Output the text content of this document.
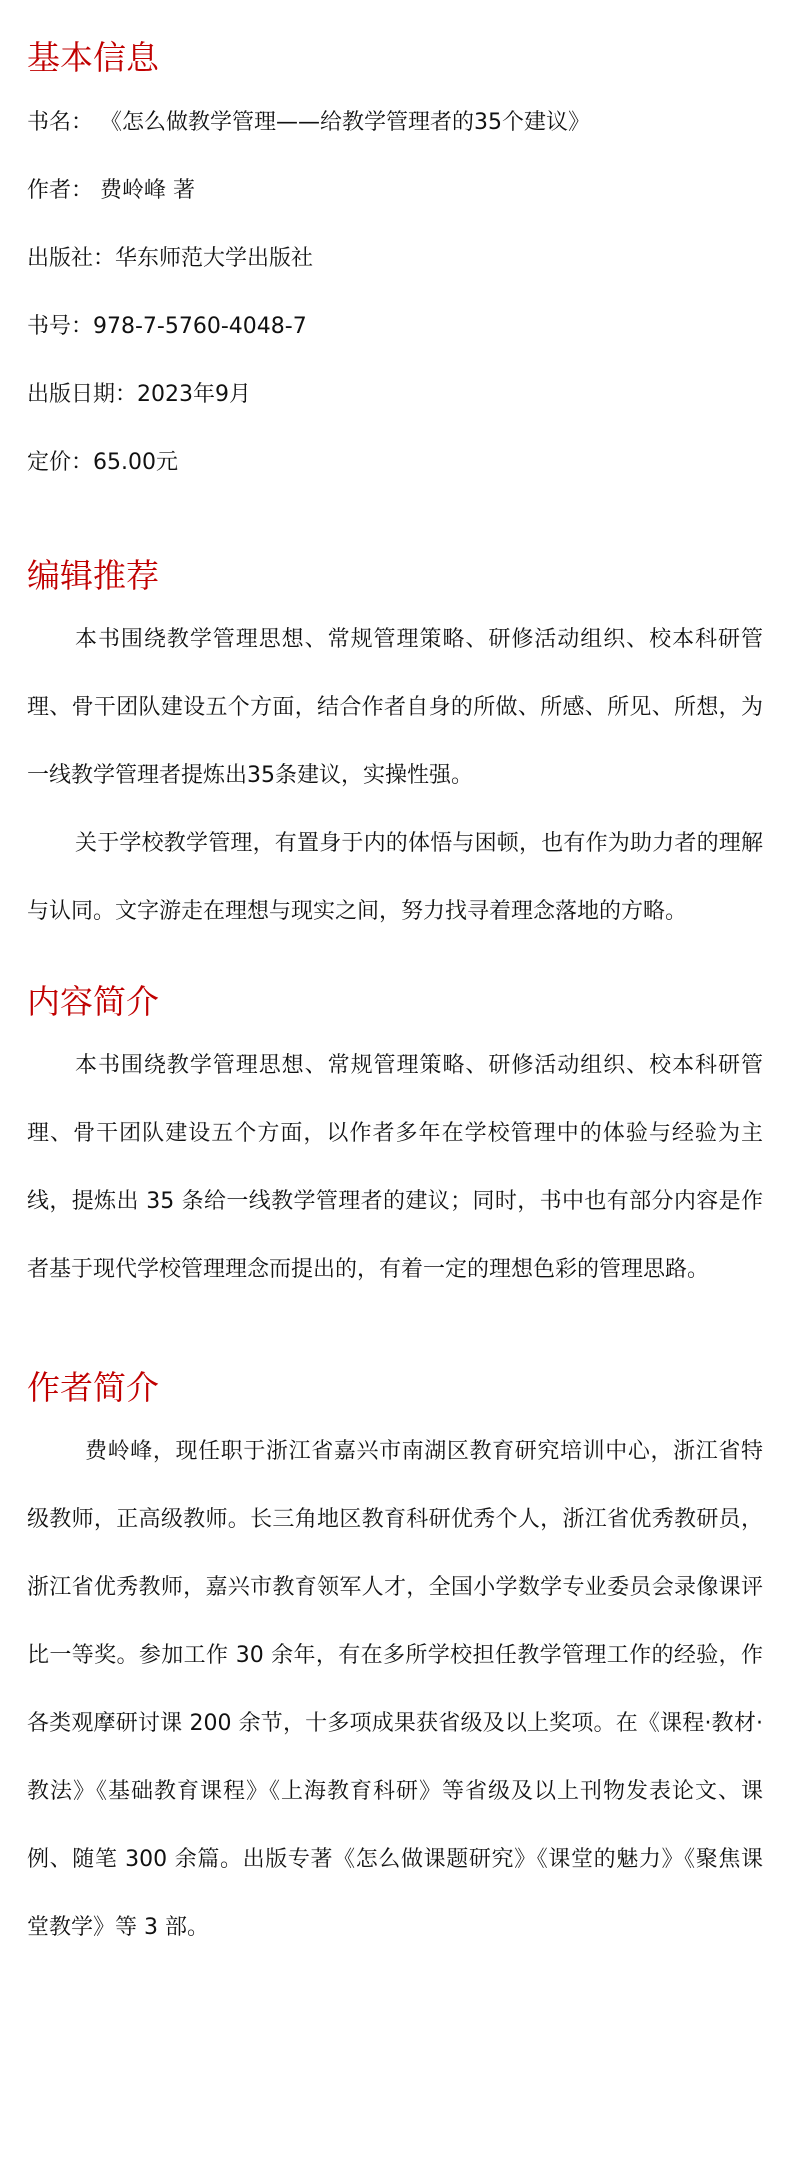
基本信息

书名： 《怎么做教学管理——给教学管理者的35个建议》

作者： 费岭峰 著

出版社：华东师范大学出版社

书号：978-7-5760-4048-7

出版日期：2023年9月

定价：65.00元

编辑推荐

本书围绕教学管理思想、常规管理策略、研修活动组织、校本科研管理、骨干团队建设五个方面，结合作者自身的所做、所感、所见、所想，为一线教学管理者提炼出35条建议，实操性强。

关于学校教学管理，有置身于内的体悟与困顿，也有作为助力者的理解与认同。文字游走在理想与现实之间，努力找寻着理念落地的方略。

内容简介

本书围绕教学管理思想、常规管理策略、研修活动组织、校本科研管理、骨干团队建设五个方面，以作者多年在学校管理中的体验与经验为主线，提炼出 35 条给一线教学管理者的建议；同时，书中也有部分内容是作者基于现代学校管理理念而提出的，有着一定的理想色彩的管理思路。

作者简介

费岭峰，现任职于浙江省嘉兴市南湖区教育研究培训中心，浙江省特级教师，正高级教师。长三角地区教育科研优秀个人，浙江省优秀教研员，浙江省优秀教师，嘉兴市教育领军人才，全国小学数学专业委员会录像课评比一等奖。参加工作 30 余年，有在多所学校担任教学管理工作的经验，作各类观摩研讨课 200 余节，十多项成果获省级及以上奖项。在《课程·教材·教法》《基础教育课程》《上海教育科研》等省级及以上刊物发表论文、课例、随笔 300 余篇。出版专著《怎么做课题研究》《课堂的魅力》《聚焦课堂教学》等 3 部。
